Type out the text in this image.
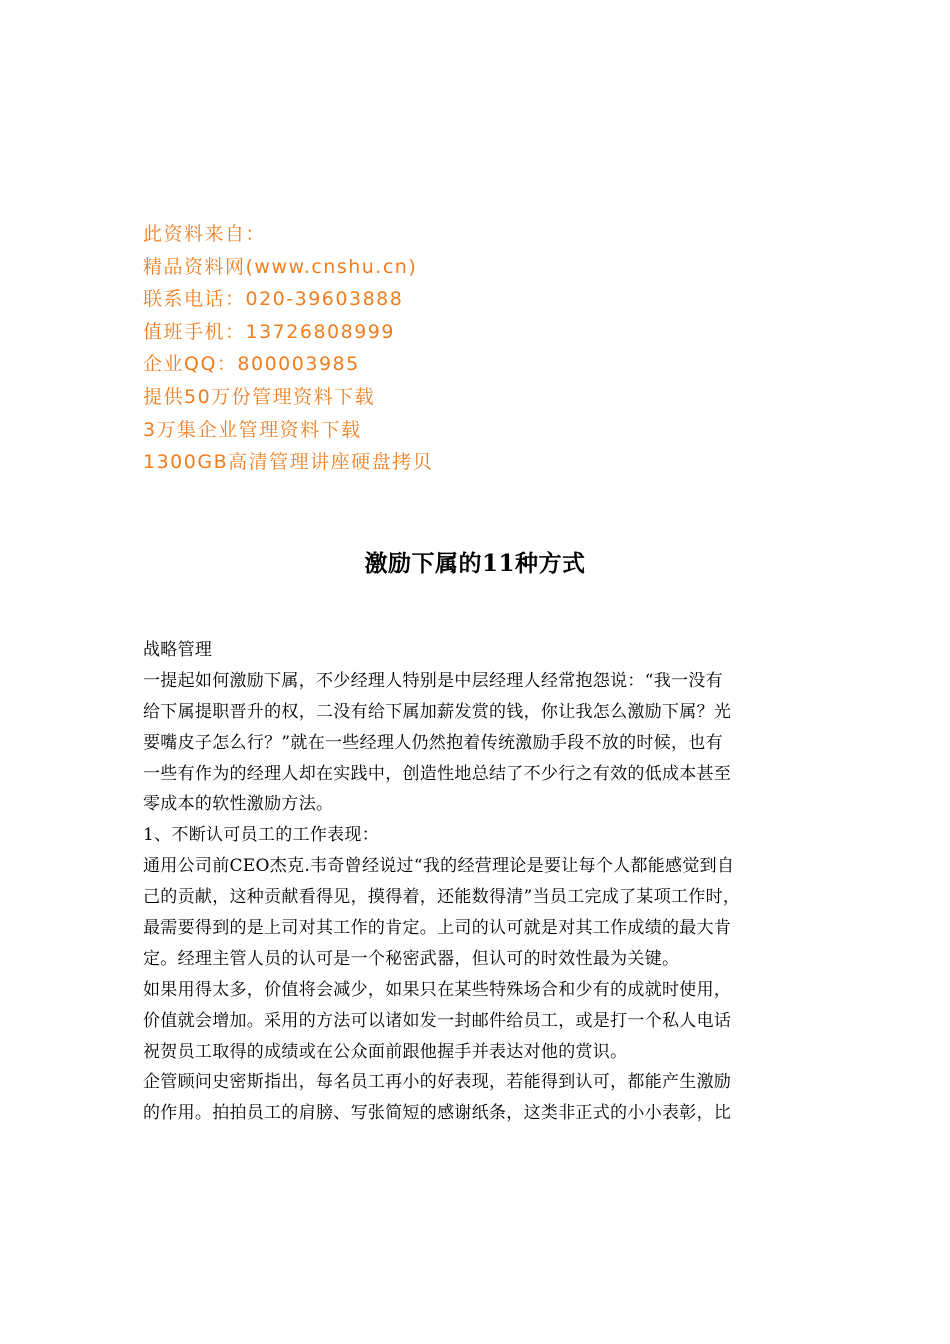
此资料来自：
精品资料网(www.cnshu.cn)
联系电话：020-39603888
值班手机：13726808999
企业QQ：800003985
提供50万份管理资料下载
3万集企业管理资料下载
1300GB高清管理讲座硬盘拷贝
激励下属的11种方式
战略管理
一提起如何激励下属，不少经理人特别是中层经理人经常抱怨说：“我一没有
给下属提职晋升的权，二没有给下属加薪发赏的钱，你让我怎么激励下属？光
要嘴皮子怎么行？”就在一些经理人仍然抱着传统激励手段不放的时候，也有
一些有作为的经理人却在实践中，创造性地总结了不少行之有效的低成本甚至
零成本的软性激励方法。
1、不断认可员工的工作表现：
通用公司前CEO杰克.韦奇曾经说过“我的经营理论是要让每个人都能感觉到自
己的贡献，这种贡献看得见，摸得着，还能数得清”当员工完成了某项工作时，
最需要得到的是上司对其工作的肯定。上司的认可就是对其工作成绩的最大肯
定。经理主管人员的认可是一个秘密武器，但认可的时效性最为关键。
如果用得太多，价值将会减少，如果只在某些特殊场合和少有的成就时使用，
价值就会增加。采用的方法可以诸如发一封邮件给员工，或是打一个私人电话
祝贺员工取得的成绩或在公众面前跟他握手并表达对他的赏识。
企管顾问史密斯指出，每名员工再小的好表现，若能得到认可，都能产生激励
的作用。拍拍员工的肩膀、写张简短的感谢纸条，这类非正式的小小表彰，比
